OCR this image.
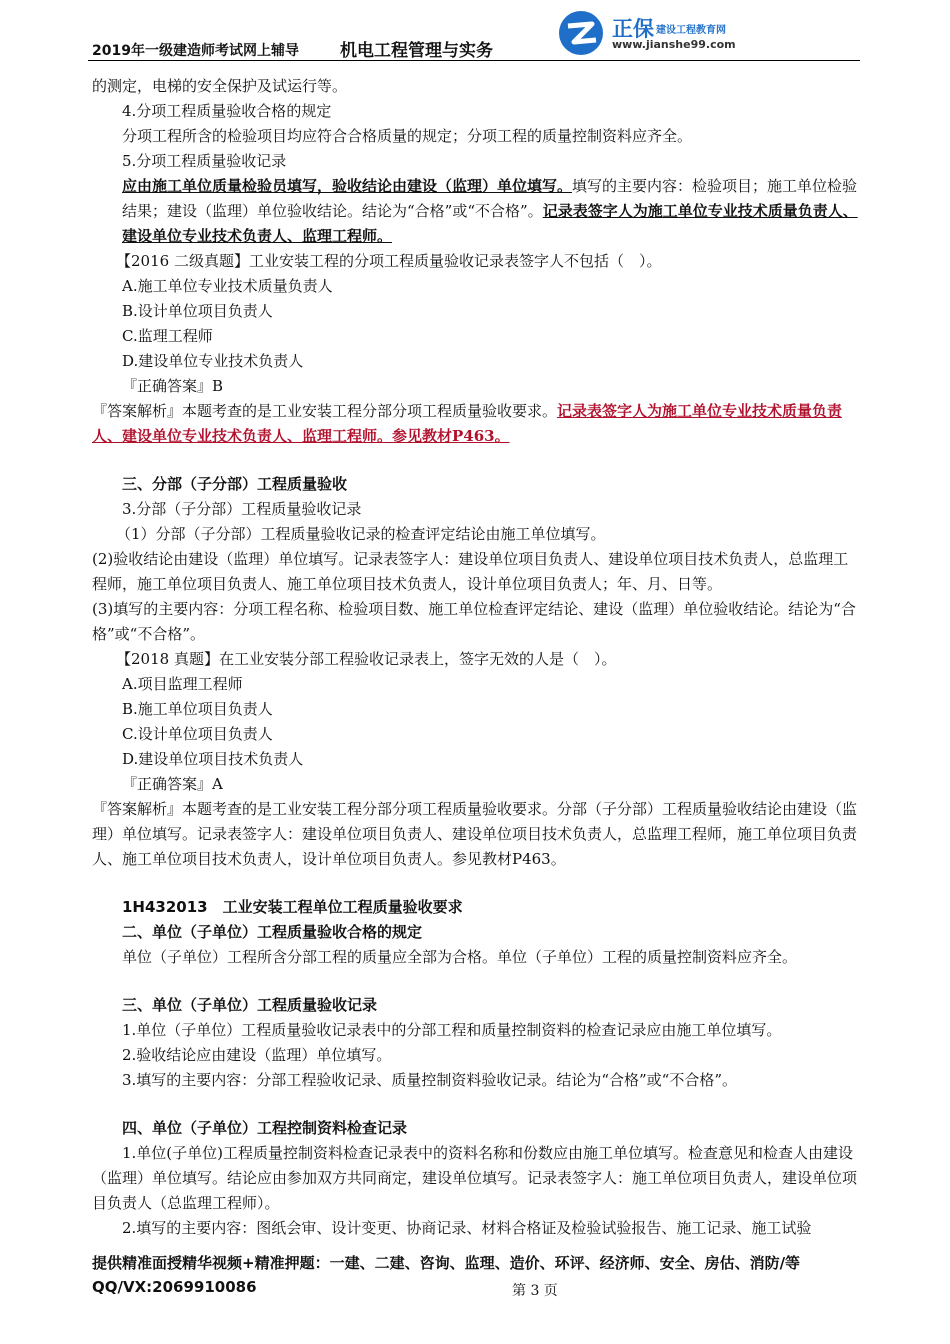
2019年一级建造师考试网上辅导 机电工程管理与实务
正保 建设工程教育网
www.jianshe99.com

的测定，电梯的安全保护及试运行等。

4.分项工程质量验收合格的规定

分项工程所含的检验项目均应符合合格质量的规定；分项工程的质量控制资料应齐全。

5.分项工程质量验收记录

应由施工单位质量检验员填写，验收结论由建设（监理）单位填写。填写的主要内容：检验项目；施工单位检验结果；建设（监理）单位验收结论。结论为“合格”或“不合格”。记录表签字人为施工单位专业技术质量负责人、建设单位专业技术负责人、监理工程师。

【2016 二级真题】工业安装工程的分项工程质量验收记录表签字人不包括（　）。

A.施工单位专业技术质量负责人

B.设计单位项目负责人

C.监理工程师

D.建设单位专业技术负责人

『正确答案』B

『答案解析』本题考查的是工业安装工程分部分项工程质量验收要求。记录表签字人为施工单位专业技术质量负责人、建设单位专业技术负责人、监理工程师。参见教材P463。

三、分部（子分部）工程质量验收

3.分部（子分部）工程质量验收记录

（1）分部（子分部）工程质量验收记录的检查评定结论由施工单位填写。

(2)验收结论由建设（监理）单位填写。记录表签字人：建设单位项目负责人、建设单位项目技术负责人，总监理工程师，施工单位项目负责人、施工单位项目技术负责人，设计单位项目负责人；年、月、日等。

(3)填写的主要内容：分项工程名称、检验项目数、施工单位检查评定结论、建设（监理）单位验收结论。结论为“合格”或“不合格”。

【2018 真题】在工业安装分部工程验收记录表上，签字无效的人是（　）。

A.项目监理工程师

B.施工单位项目负责人

C.设计单位项目负责人

D.建设单位项目技术负责人

『正确答案』A

『答案解析』本题考查的是工业安装工程分部分项工程质量验收要求。分部（子分部）工程质量验收结论由建设（监理）单位填写。记录表签字人：建设单位项目负责人、建设单位项目技术负责人，总监理工程师，施工单位项目负责人、施工单位项目技术负责人，设计单位项目负责人。参见教材P463。

1H432013　工业安装工程单位工程质量验收要求

二、单位（子单位）工程质量验收合格的规定

单位（子单位）工程所含分部工程的质量应全部为合格。单位（子单位）工程的质量控制资料应齐全。

三、单位（子单位）工程质量验收记录

1.单位（子单位）工程质量验收记录表中的分部工程和质量控制资料的检查记录应由施工单位填写。

2.验收结论应由建设（监理）单位填写。

3.填写的主要内容：分部工程验收记录、质量控制资料验收记录。结论为“合格”或“不合格”。

四、单位（子单位）工程控制资料检查记录

1.单位(子单位)工程质量控制资料检查记录表中的资料名称和份数应由施工单位填写。检查意见和检查人由建设（监理）单位填写。结论应由参加双方共同商定，建设单位填写。记录表签字人：施工单位项目负责人，建设单位项目负责人（总监理工程师）。

2.填写的主要内容：图纸会审、设计变更、协商记录、材料合格证及检验试验报告、施工记录、施工试验

提供精准面授精华视频+精准押题：一建、二建、咨询、监理、造价、环评、经济师、安全、房估、消防/等
QQ/VX:2069910086	第 3 页
